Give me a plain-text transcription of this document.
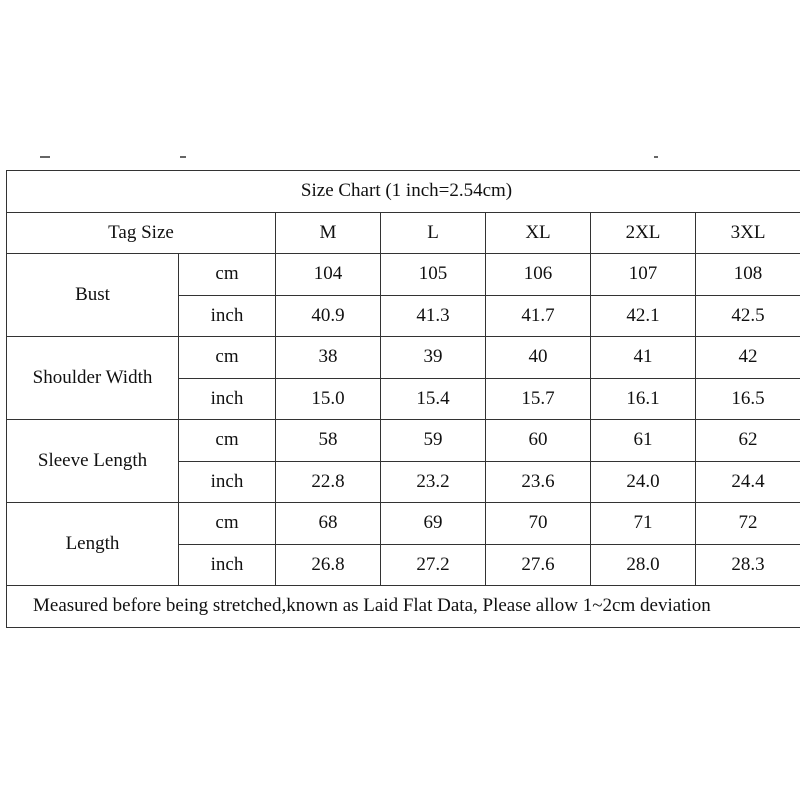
Size Chart (1 inch=2.54cm)						
Tag Size		M	L	XL	2XL	3XL
Bust	cm	104	105	106	107	108
	inch	40.9	41.3	41.7	42.1	42.5
Shoulder Width	cm	38	39	40	41	42
	inch	15.0	15.4	15.7	16.1	16.5
Sleeve Length	cm	58	59	60	61	62
	inch	22.8	23.2	23.6	24.0	24.4
Length	cm	68	69	70	71	72
	inch	26.8	27.2	27.6	28.0	28.3
Measured before being stretched,known as Laid Flat Data, Please allow 1~2cm deviation						
